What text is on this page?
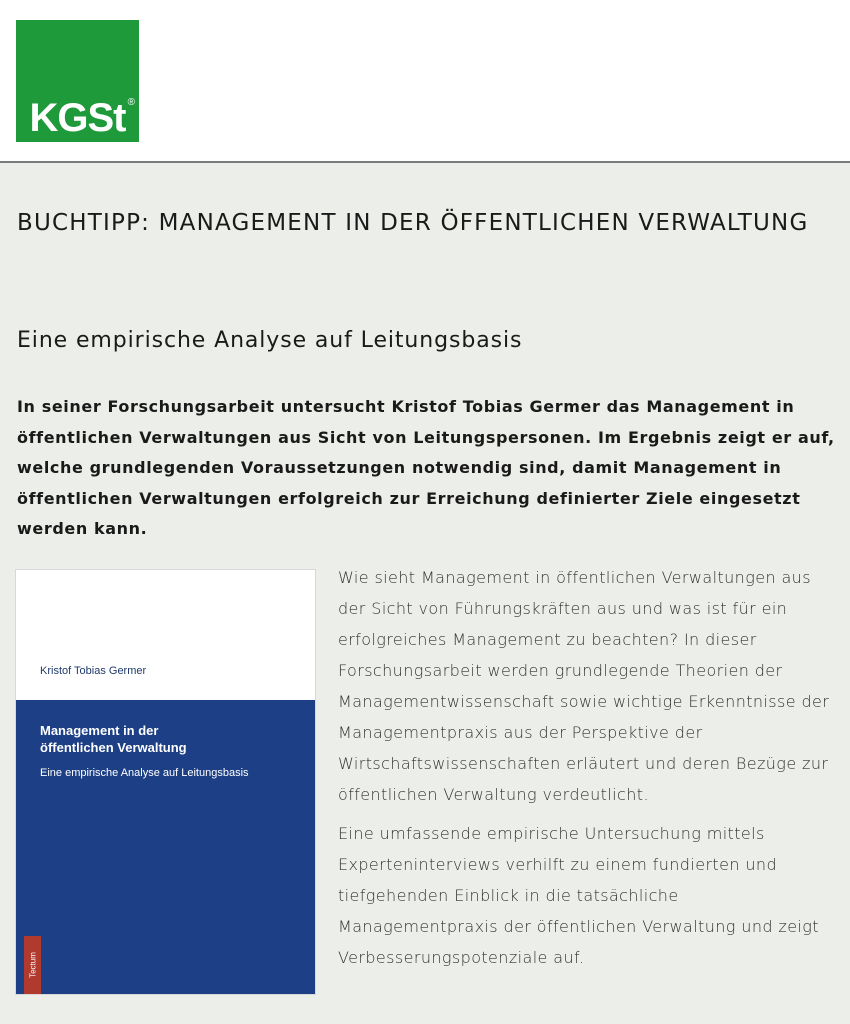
KGSt ®
BUCHTIPP: MANAGEMENT IN DER ÖFFENTLICHEN VERWALTUNG
Eine empirische Analyse auf Leitungsbasis

In seiner Forschungsarbeit untersucht Kristof Tobias Germer das Management in öffentlichen Verwaltungen aus Sicht von Leitungspersonen. Im Ergebnis zeigt er auf, welche grundlegenden Voraussetzungen notwendig sind, damit Management in öffentlichen Verwaltungen erfolgreich zur Erreichung definierter Ziele eingesetzt werden kann.

Kristof Tobias Germer
Management in der
öffentlichen Verwaltung
Eine empirische Analyse auf Leitungsbasis
Tectum

Wie sieht Management in öffentlichen Verwaltungen aus der Sicht von Führungskräften aus und was ist für ein erfolgreiches Management zu beachten? In dieser Forschungsarbeit werden grundlegende Theorien der Managementwissenschaft sowie wichtige Erkenntnisse der Managementpraxis aus der Perspektive der Wirtschaftswissenschaften erläutert und deren Bezüge zur öffentlichen Verwaltung verdeutlicht.

Eine umfassende empirische Untersuchung mittels Experteninterviews verhilft zu einem fundierten und tiefgehenden Einblick in die tatsächliche Managementpraxis der öffentlichen Verwaltung und zeigt Verbesserungspotenziale auf.
